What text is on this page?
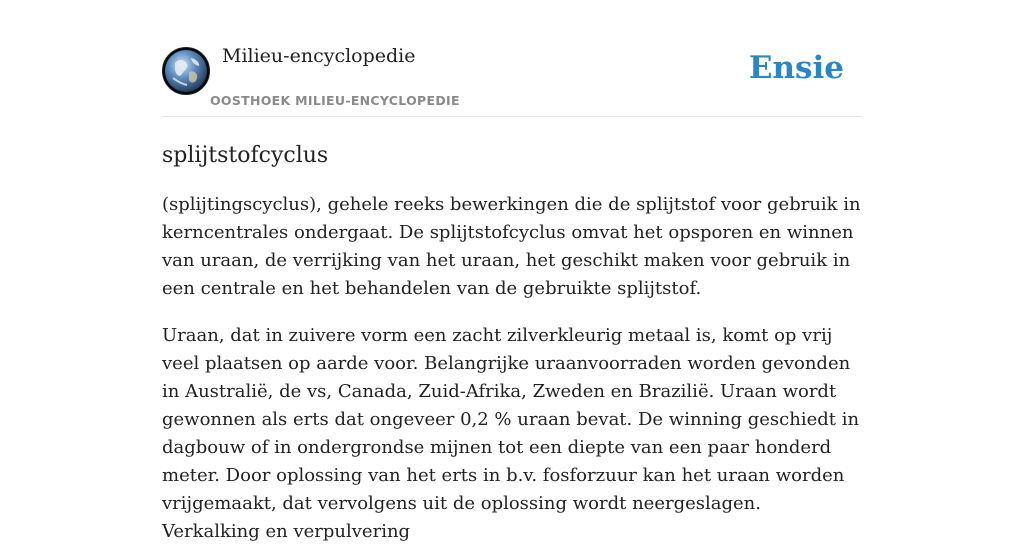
Milieu-encyclopedie
OOSTHOEK MILIEU-ENCYCLOPEDIE
Ensie
splijtstofcyclus

(splijtingscyclus), gehele reeks bewerkingen die de splijtstof voor gebruik in kerncentrales ondergaat. De splijtstofcyclus omvat het opsporen en winnen van uraan, de verrijking van het uraan, het geschikt maken voor gebruik in een centrale en het behandelen van de gebruikte splijtstof.

Uraan, dat in zuivere vorm een zacht zilverkleurig metaal is, komt op vrij veel plaatsen op aarde voor. Belangrijke uraanvoorraden worden gevonden in Australië, de vs, Canada, Zuid-Afrika, Zweden en Brazilië. Uraan wordt gewonnen als erts dat ongeveer 0,2 % uraan bevat. De winning geschiedt in dagbouw of in ondergrondse mijnen tot een diepte van een paar honderd meter. Door oplossing van het erts in b.v. fosforzuur kan het uraan worden vrijgemaakt, dat vervolgens uit de oplossing wordt neergeslagen. Verkalking en verpulvering
